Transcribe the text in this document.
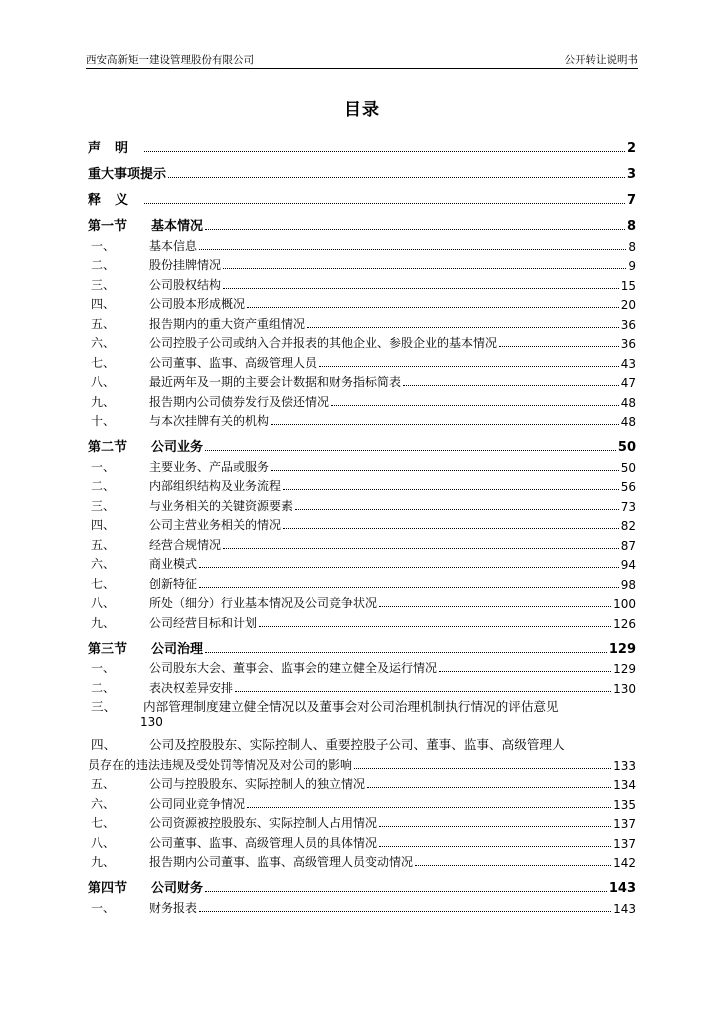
西安高新矩一建设管理股份有限公司	公开转让说明书
目录
声明	2
重大事项提示	3
释义	7
第一节 基本情况	8
一、	基本信息	8
二、	股份挂牌情况	9
三、	公司股权结构	15
四、	公司股本形成概况	20
五、	报告期内的重大资产重组情况	36
六、	公司控股子公司或纳入合并报表的其他企业、参股企业的基本情况	36
七、	公司董事、监事、高级管理人员	43
八、	最近两年及一期的主要会计数据和财务指标简表	47
九、	报告期内公司债券发行及偿还情况	48
十、	与本次挂牌有关的机构	48
第二节 公司业务	50
一、	主要业务、产品或服务	50
二、	内部组织结构及业务流程	56
三、	与业务相关的关键资源要素	73
四、	公司主营业务相关的情况	82
五、	经营合规情况	87
六、	商业模式	94
七、	创新特征	98
八、	所处（细分）行业基本情况及公司竞争状况	100
九、	公司经营目标和计划	126
第三节 公司治理	129
一、	公司股东大会、董事会、监事会的建立健全及运行情况	129
二、	表决权差异安排	130
三、 内部管理制度建立健全情况以及董事会对公司治理机制执行情况的评估意见
130
四、	公司及控股股东、实际控制人、重要控股子公司、董事、监事、高级管理人
员存在的违法违规及受处罚等情况及对公司的影响	133
五、	公司与控股股东、实际控制人的独立情况	134
六、	公司同业竞争情况	135
七、	公司资源被控股股东、实际控制人占用情况	137
八、	公司董事、监事、高级管理人员的具体情况	137
九、	报告期内公司董事、监事、高级管理人员变动情况	142
第四节 公司财务	143
一、	财务报表	143
